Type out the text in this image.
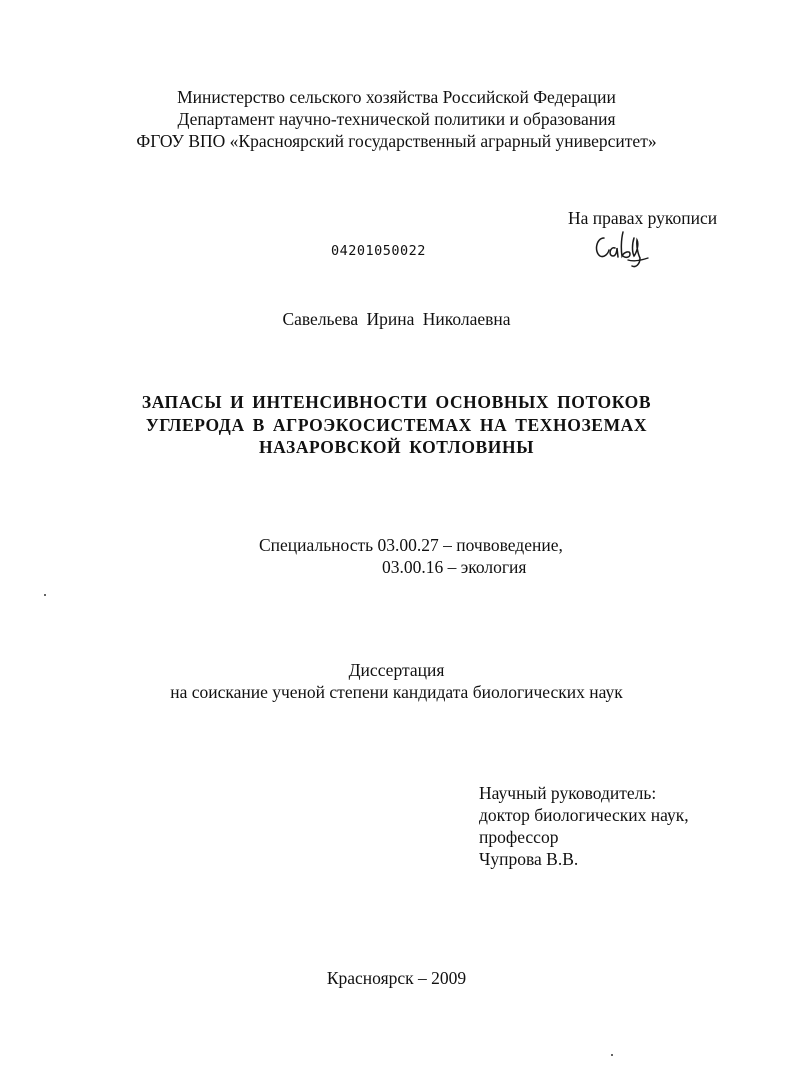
Министерство сельского хозяйства Российской Федерации
Департамент научно-технической политики и образования
ФГОУ ВПО «Красноярский государственный аграрный университет»
На правах рукописи
04201050022
Савельева Ирина Николаевна
ЗАПАСЫ И ИНТЕНСИВНОСТИ ОСНОВНЫХ ПОТОКОВ
УГЛЕРОДА В АГРОЭКОСИСТЕМАХ НА ТЕХНОЗЕМАХ
НАЗАРОВСКОЙ КОТЛОВИНЫ
Специальность 03.00.27 – почвоведение,
03.00.16 – экология
Диссертация
на соискание ученой степени кандидата биологических наук
Научный руководитель:
доктор биологических наук,
профессор
Чупрова В.В.
Красноярск – 2009
